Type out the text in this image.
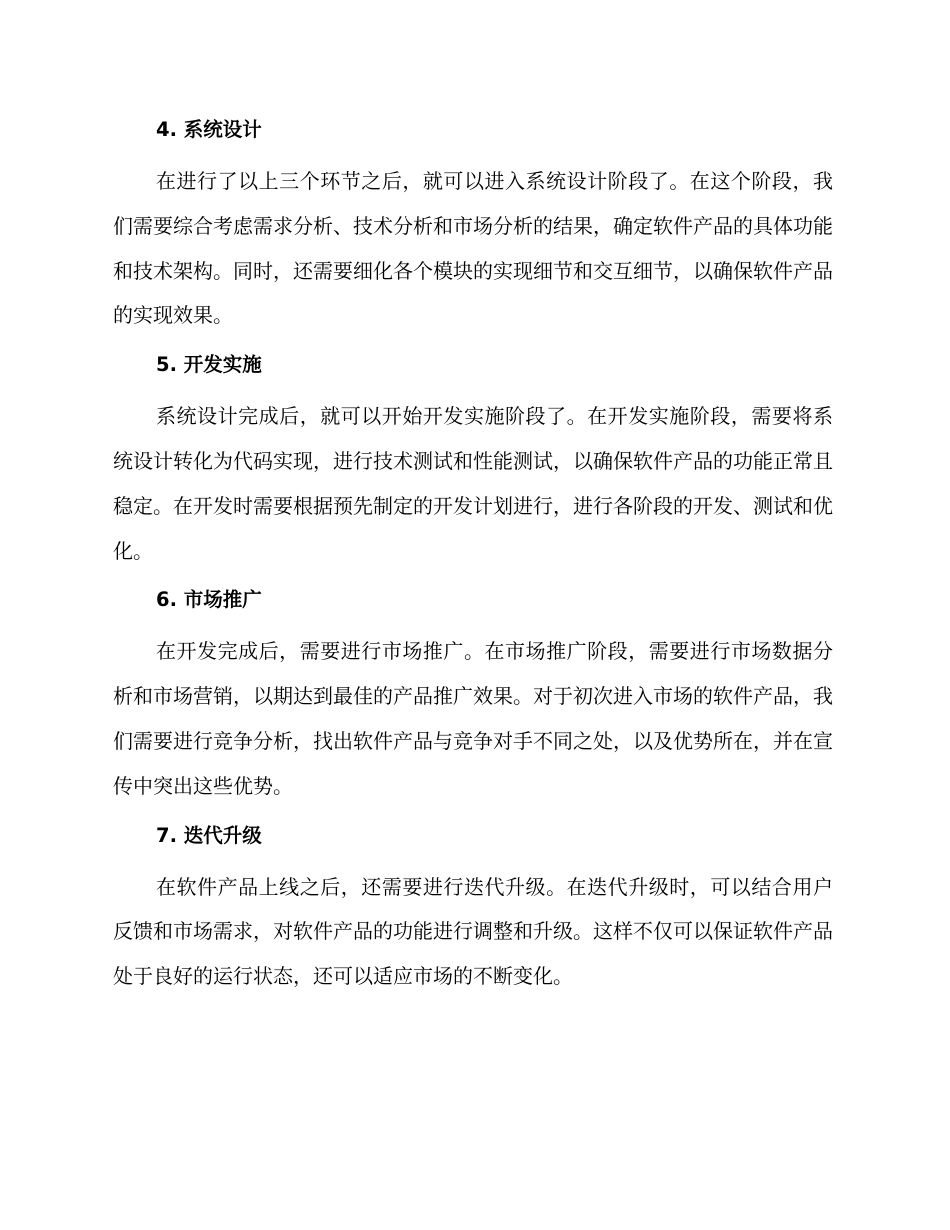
4. 系统设计

在进行了以上三个环节之后，就可以进入系统设计阶段了。在这个阶段，我们需要综合考虑需求分析、技术分析和市场分析的结果，确定软件产品的具体功能和技术架构。同时，还需要细化各个模块的实现细节和交互细节，以确保软件产品的实现效果。

5. 开发实施

系统设计完成后，就可以开始开发实施阶段了。在开发实施阶段，需要将系统设计转化为代码实现，进行技术测试和性能测试，以确保软件产品的功能正常且稳定。在开发时需要根据预先制定的开发计划进行，进行各阶段的开发、测试和优化。

6. 市场推广

在开发完成后，需要进行市场推广。在市场推广阶段，需要进行市场数据分析和市场营销，以期达到最佳的产品推广效果。对于初次进入市场的软件产品，我们需要进行竞争分析，找出软件产品与竞争对手不同之处，以及优势所在，并在宣传中突出这些优势。

7. 迭代升级

在软件产品上线之后，还需要进行迭代升级。在迭代升级时，可以结合用户反馈和市场需求，对软件产品的功能进行调整和升级。这样不仅可以保证软件产品处于良好的运行状态，还可以适应市场的不断变化。
